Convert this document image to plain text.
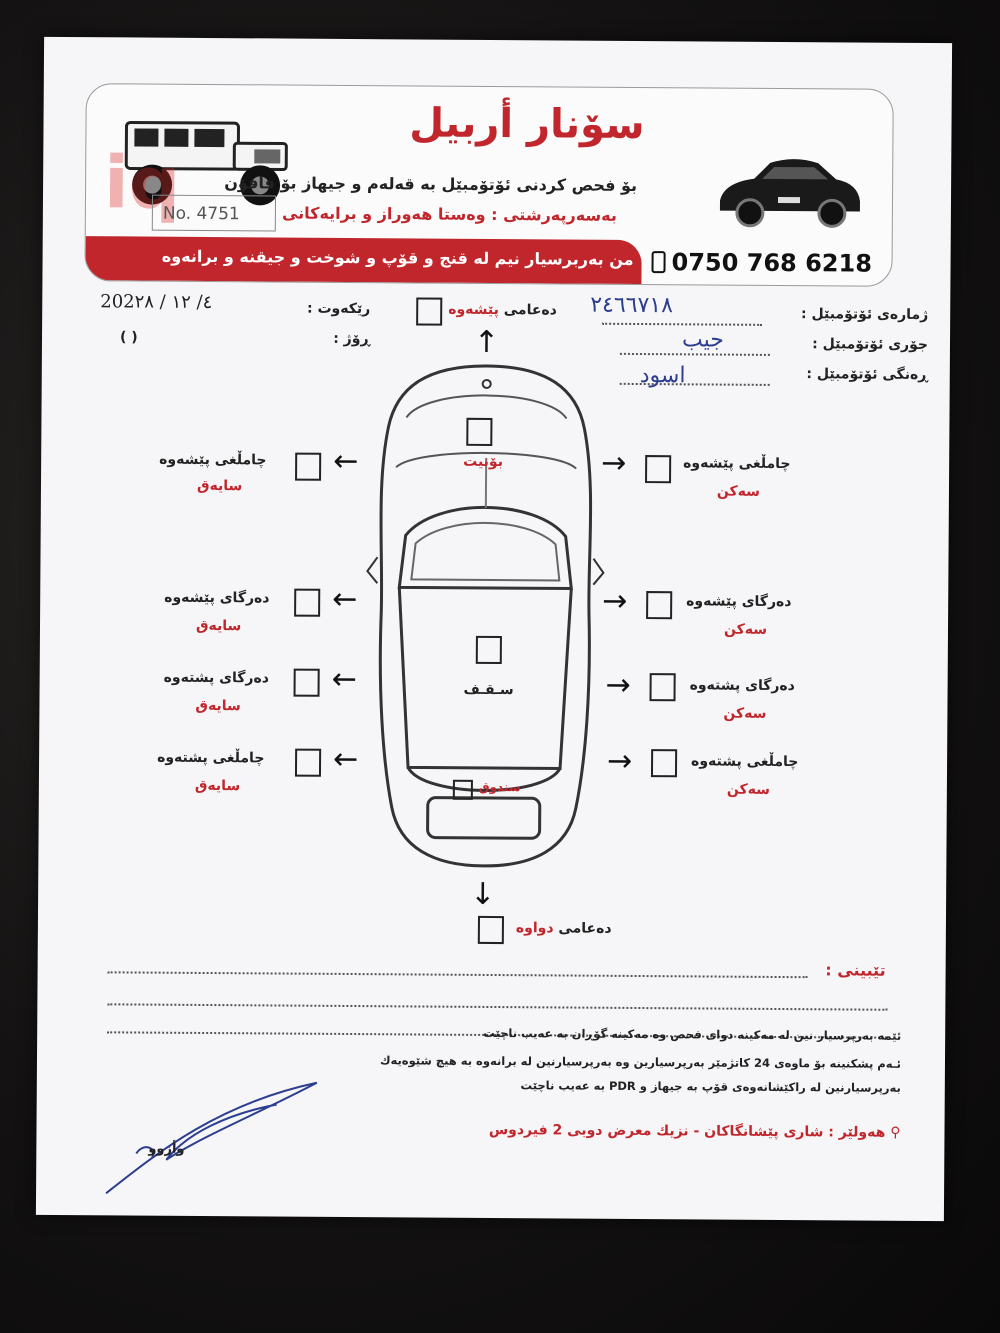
iq
سۆنار أربيل
بۆ فحص كردنى ئۆتۆمبێل به قەلەم و جیهاز بۆ فافۆن
بەسەرپەرشتى : وەستا هەوراز و برايەكانى
No. 4751
من بەربرسيار نيم لە قنج و قۆپ و شوخت و جيقنه و برانەوە 0750 768 6218
رێكەوت :
202٤/ ١٢ / ٢٨
ڕۆژ :
( )
ژمارەى ئۆتۆمبێل :
٢٤٦٦٧١٨
جۆرى ئۆتۆمبێل :
جيب
ڕەنگى ئۆتۆمبێل :
اسود
دەعامى پێشەوە
↑
بۆنيت
سـقـف
سندوق
چامڵغى پێشەوە
سايەق
←
دەرگاى پێشەوە
سايەق
←
دەرگاى پشتەوە
سايەق
←
چامڵغى پشتەوە
سايەق
←
→	چامڵغى پێشەوە
سەكن
→	دەرگاى پێشەوە
سەكن
→	دەرگاى پشتەوە
سەكن
→	چامڵغى پشتەوە
سەكن
↓
دەعامى دواوە
تێبينى :
ئێمە بەرپرسيار نين لە مەكينە دواى فحص وە مەكينە گۆڕان بە عەيب ناچێت
ئـەم پشكنينە بۆ ماوەى 24 كاتژمێر بەرپرسيارين وە بەرپرسيارنين لە برانەوە بە هيچ شێوەيەك
بەرپرسيارنين لە راكێشانەوەى قۆپ بە جيهاز و PDR بە عەيب ناچێت
⚲ هەولێر : شارى پێشانگاكان - نزيك معرض دوبى 2 فيردوس
وأزوو
